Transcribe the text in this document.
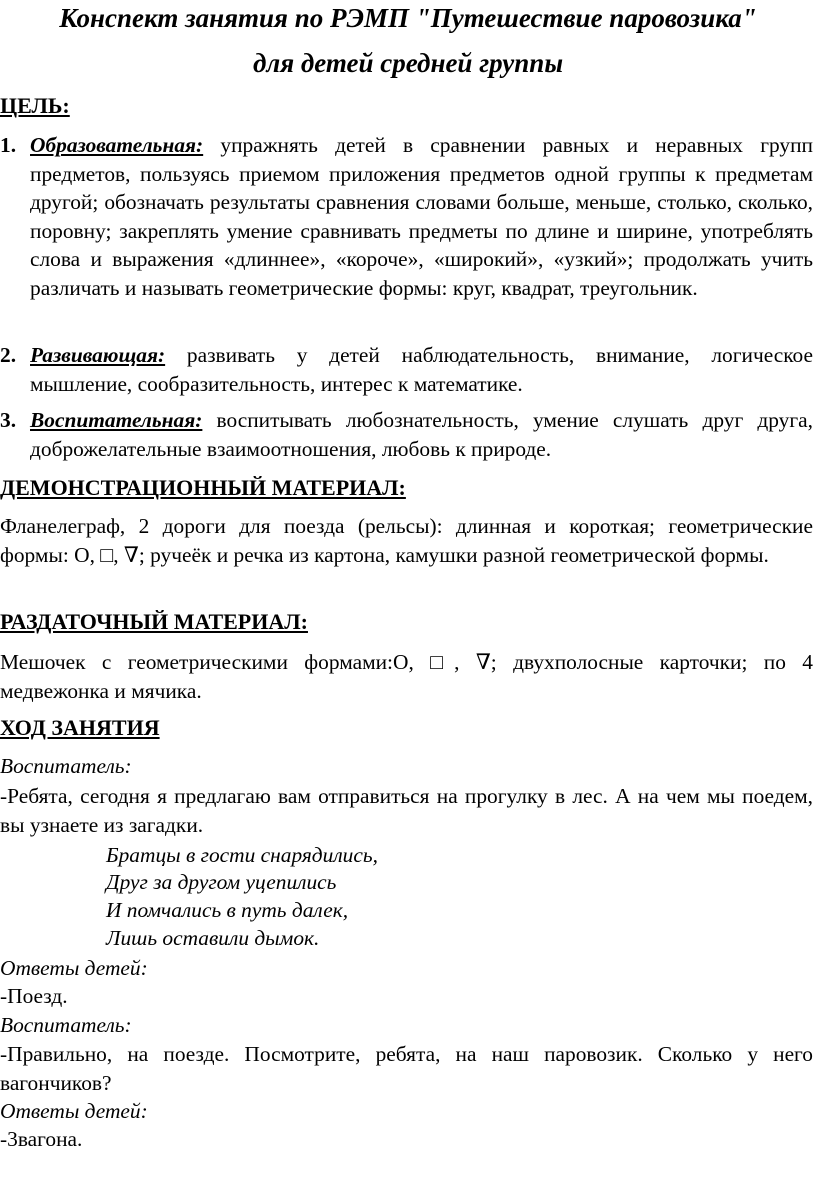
Конспект занятия по РЭМП "Путешествие паровозика"
для детей средней группы
ЦЕЛЬ:
1. Образовательная: упражнять детей в сравнении равных и неравных групп предметов, пользуясь приемом приложения предметов одной группы к предметам другой; обозначать результаты сравнения словами больше, меньше, столько, сколько, поровну; закреплять умение сравнивать предметы по длине и ширине, употреблять слова и выражения «длиннее», «короче», «широкий», «узкий»; продолжать учить различать и называть геометрические формы: круг, квадрат, треугольник.

2. Развивающая: развивать у детей наблюдательность, внимание, логическое мышление, сообразительность, интерес к математике.

3. Воспитательная: воспитывать любознательность, умение слушать друг друга, доброжелательные взаимоотношения, любовь к природе.

ДЕМОНСТРАЦИОННЫЙ МАТЕРИАЛ:

Фланелеграф, 2 дороги для поезда (рельсы): длинная и короткая; геометрические формы: О, □, ∇; ручеёк и речка из картона, камушки разной геометрической формы.

РАЗДАТОЧНЫЙ МАТЕРИАЛ:

Мешочек с геометрическими формами:О, □, ∇; двухполосные карточки; по 4 медвежонка и мячика.

ХОД ЗАНЯТИЯ
Воспитатель:

-Ребята, сегодня я предлагаю вам отправиться на прогулку в лес. А на чем мы поедем, вы узнаете из загадки.

Братцы в гости снарядились,
Друг за другом уцепились
И помчались в путь далек,
Лишь оставили дымок.
Ответы детей:
-Поезд.
Воспитатель:

-Правильно, на поезде. Посмотрите, ребята, на наш паровозик. Сколько у него вагончиков?

Ответы детей:
-3вагона.
